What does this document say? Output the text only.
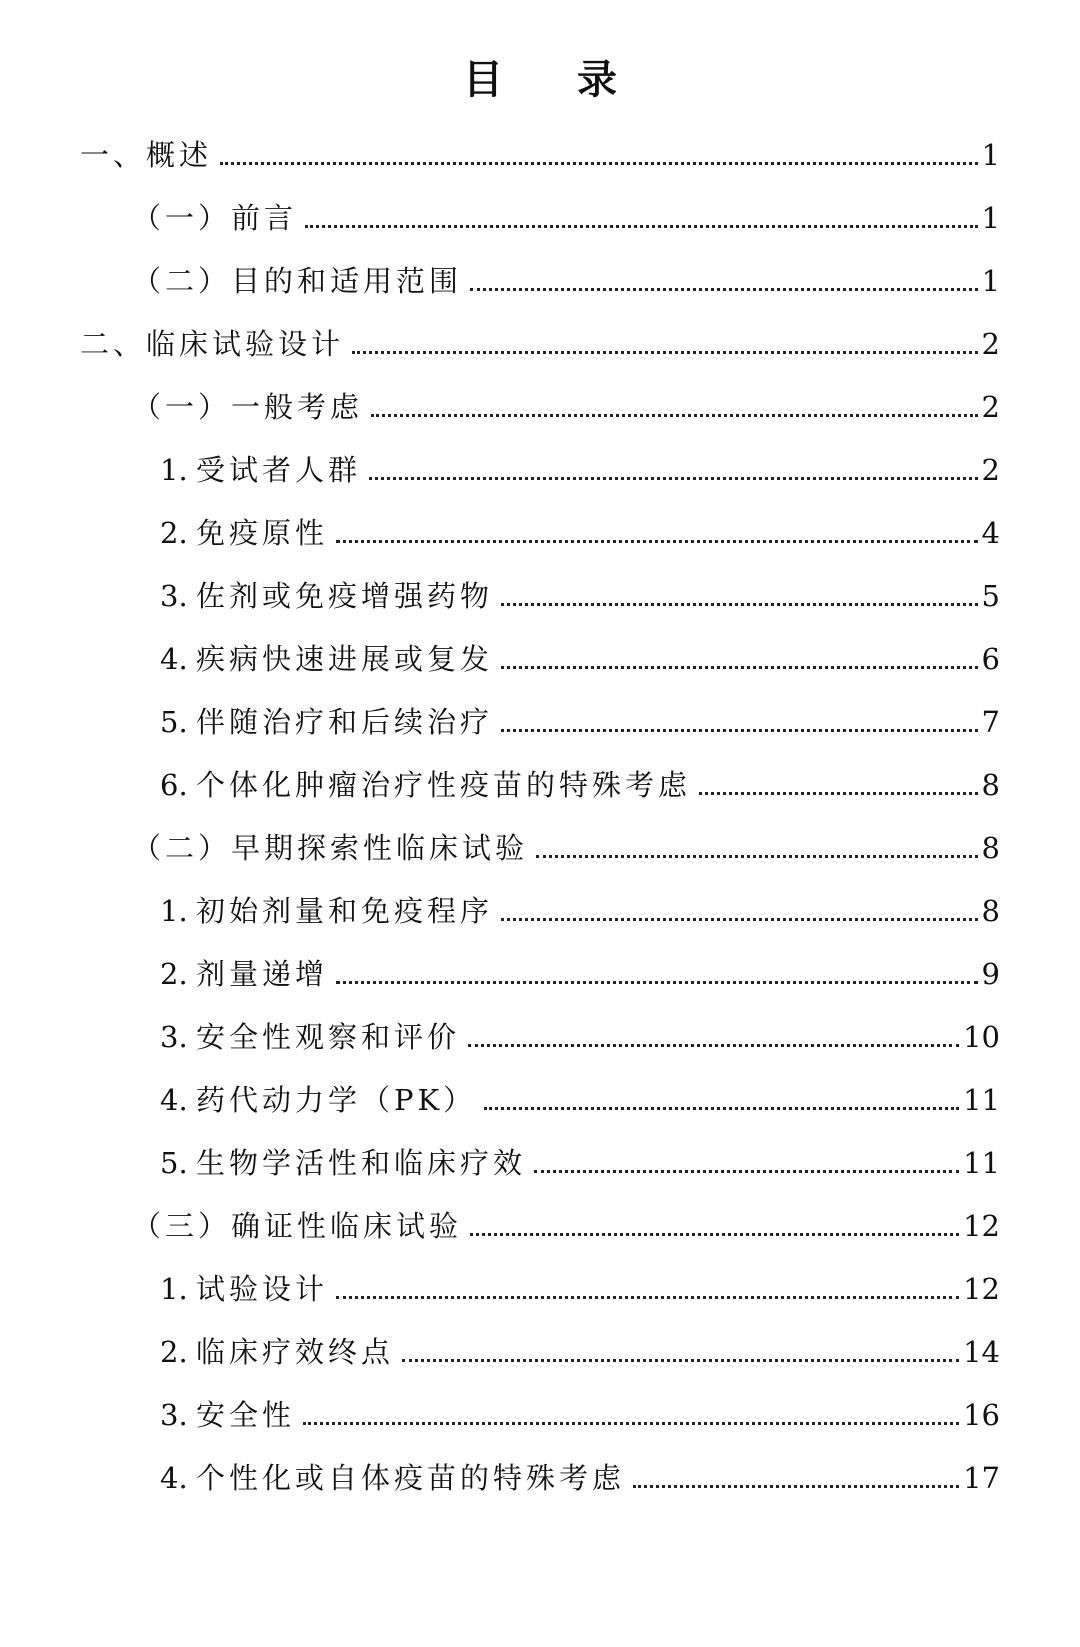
目 录
一、概述	1
（一）前言	1
（二）目的和适用范围	1
二、临床试验设计	2
（一）一般考虑	2
1. 受试者人群	2
2. 免疫原性	4
3. 佐剂或免疫增强药物	5
4. 疾病快速进展或复发	6
5. 伴随治疗和后续治疗	7
6. 个体化肿瘤治疗性疫苗的特殊考虑	8
（二）早期探索性临床试验	8
1. 初始剂量和免疫程序	8
2. 剂量递增	9
3. 安全性观察和评价	10
4. 药代动力学（PK）	11
5. 生物学活性和临床疗效	11
（三）确证性临床试验	12
1. 试验设计	12
2. 临床疗效终点	14
3. 安全性	16
4. 个性化或自体疫苗的特殊考虑	17
